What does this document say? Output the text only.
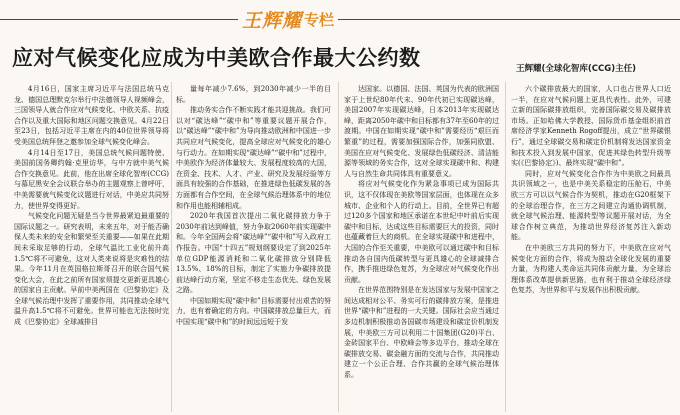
王辉耀 专栏
应对气候变化应成为中美欧合作最大公约数	王辉耀(全球化智库(CCG)主任)

4月16日，国家主席习近平与法国总统马克龙、德国总理默克尔举行中法德领导人视频峰会，三国领导人就合作应对气候变化、中欧关系、抗疫合作以及重大国际和地区问题交换意见。4月22日至23日，包括习近平主席在内的40位世界领导将受美国总统拜登之邀参加全球气候变化峰会。

4月14日至17日，美国总统气候问题特使、美国前国务卿约翰·克里访华，与中方就中美气候合作交换意见。此前，他在出席全球化智库(CCG)与慕尼黑安全会议联合举办的主题观察上曾呼吁，中美需要就气候变化议题进行对话，中美应共同努力，使世界变得更好。

气候变化问题无疑是当今世界最紧迫最重要的国际议题之一。研究表明，未来五年，对于能否确保人类未来的安全和繁荣至关重要——如果在此期间未采取足够的行动，全球气温比工业化前升高1.5℃将不可避免，这对人类来说将是灾难性的结果。今年11月在英国格拉斯哥召开的联合国气候变化大会，在此之前所有国家须提交更新更具雄心的国家自主贡献。早前中美两国在《巴黎协定》及全球气候治理中发挥了重要作用，共同推动全球气温升高1.5℃将不可避免。世界可能也无法按时完成《巴黎协定》全球减排目

量每年减少7.6%，到2030年减少一半的目标。

推动务实合作不断实践才能共迎挑战。我们可以对“碳达峰”“碳中和”等重要议题开展合作，以“碳达峰”“碳中和”为导向推动欧洲和中国进一步共同应对气候变化，提高全球应对气候变化的雄心与行动力。在如期实现“碳达峰”“碳中和”过程中，中美欧作为经济体量较大、发展程度较高的大国，在资金、技术、人才、产业、研究及发展经验等方面具有较强的合作基础，在推进绿色低碳发展的各方面都有合作空间，在全球气候治理体系中的地位和作用也能相辅相成。

2020年我国首次提出二氧化碳排放力争于2030年前达到峰值，努力争取2060年前实现碳中和。今年全国两会将“碳达峰”“碳中和”写入政府工作报告。中国“十四五”规划纲要设定了到2025年单位GDP能源消耗和二氧化碳排放分别降低13.5%、18%的目标，制定了实施力争碳排放提前达峰行动方案，坚定不移走生态优先、绿色发展之路。

中国如期实现“碳中和”目标需要付出艰苦的努力，也有着确定的方向。中国碳排放总量巨大，而中国实现“碳中和”的时间远远短于发

达国家。以德国、法国、英国为代表的欧洲国家于上世纪80年代末、90年代初已实现碳达峰，美国2007年实现碳达峰，日本2013年实现碳达峰，距离2050年碳中和目标都有37年至60年的过渡期。中国在如期实现“碳中和”需要经历“艰巨而繁重”的过程，需要加强国际合作，加强同欧盟、美国在应对气候变化、发展绿色低碳经济、清洁能源等领域的务实合作，这对全球实现碳中和、构建人与自然生命共同体具有重要意义。

将应对气候变化作为紧急事项已成为国际共识，这不仅体现在美欧等国家层面，也体现在众多城市、企业和个人的行动上。目前，全世界已有超过120多个国家和地区承诺在本世纪中叶前后实现碳中和目标，达成这些目标需要巨大的投资，同时也蕴藏着巨大的商机。在全球实现碳中和进程中，大国的合作至关重要，中美欧可以通过碳中和目标推动各自国内低碳转型与更具雄心的全球减排合作，携手推进绿色复苏，为全球应对气候变化作出贡献。

在世界范围特别是在发达国家与发展中国家之间达成相对公平、务实可行的碳排放方案，是推进世界“碳中和”进程的一大关键。国际社会应当通过多边机制积极推动各国碳市场建设和碳定价机制发展，中美欧三方可以利用二十国集团(G20)平台、金砖国家平台、中欧峰会等多边平台，推动全球在碳排放交易、碳金融方面的交流与合作，共同推动建立一个公正合理、合作共赢的全球气候治理体系。

六个碳排放最大的国家，人口也占世界人口近一半，在应对气候问题上更具代表性。此外，可建立新的国际碳排放组织，完善国际碳交易及碳排放市场。正如哈佛大学教授、国际货币基金组织前首席经济学家Kenneth Rogoff提出，成立“世界碳银行”，通过全球碳交易和碳定价机制将发达国家资金和技术投入到发展中国家，促进其绿色转型升级等实(《巴黎协定》)、最终实现“碳中和”。

同时，应对气候变化合作作为中美欧之间最具共识领域之一，也是中美关系稳定的压舱石，中美欧三方可以以气候合作为契机，推动在G20框架下的全球治理合作，在三方之间建立沟通协调机制，就全球气候治理、能源转型等议题开展对话，为全球合作树立典范，为推动世界经济复苏注入新动能。

在中美欧三方共同的努力下，中美欧在应对气候变化方面的合作，将成为推动全球化发展的重要力量，为构建人类命运共同体贡献力量，为全球治理体系改革提供新思路，也有利于推动全球经济绿色复苏，为世界和平与发展作出积极贡献。
